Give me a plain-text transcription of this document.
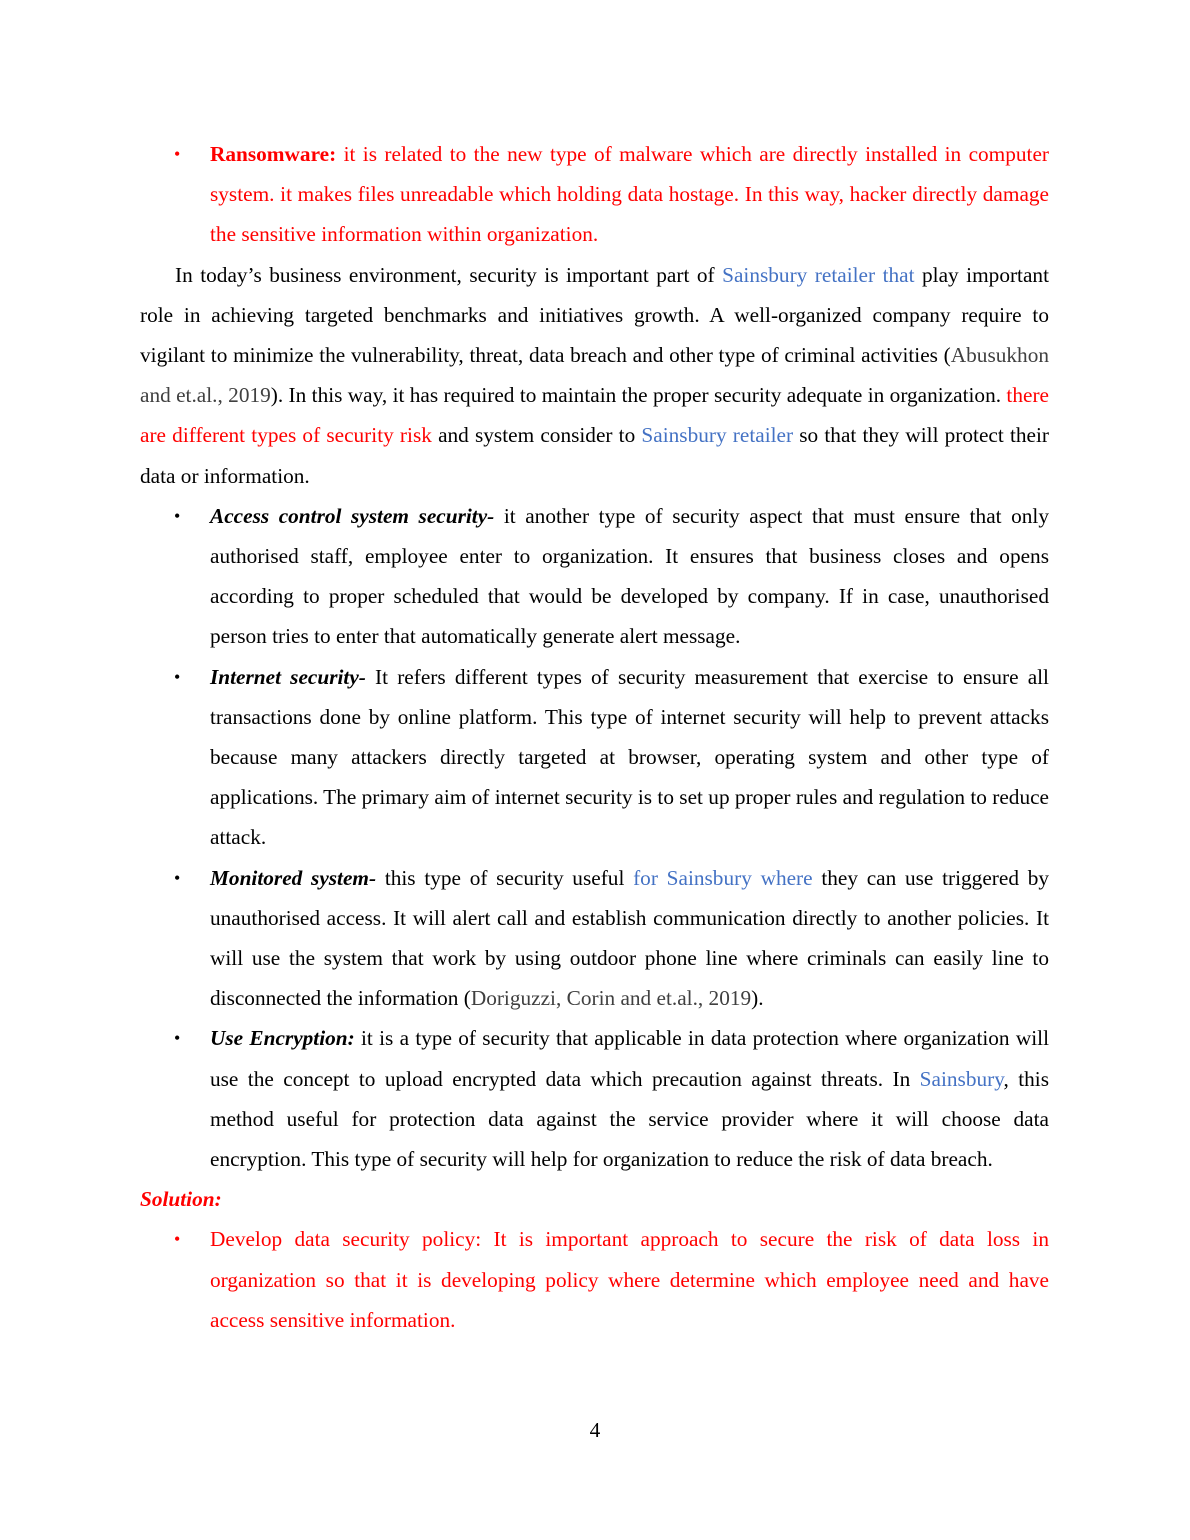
• Ransomware: it is related to the new type of malware which are directly installed in computer system. it makes files unreadable which holding data hostage. In this way, hacker directly damage the sensitive information within organization.
In today’s business environment, security is important part of Sainsbury retailer that play important role in achieving targeted benchmarks and initiatives growth. A well-organized company require to vigilant to minimize the vulnerability, threat, data breach and other type of criminal activities (Abusukhon and et.al., 2019). In this way, it has required to maintain the proper security adequate in organization. there are different types of security risk and system consider to Sainsbury retailer so that they will protect their data or information.
• Access control system security- it another type of security aspect that must ensure that only authorised staff, employee enter to organization. It ensures that business closes and opens according to proper scheduled that would be developed by company. If in case, unauthorised person tries to enter that automatically generate alert message.
• Internet security- It refers different types of security measurement that exercise to ensure all transactions done by online platform. This type of internet security will help to prevent attacks because many attackers directly targeted at browser, operating system and other type of applications. The primary aim of internet security is to set up proper rules and regulation to reduce attack.
• Monitored system- this type of security useful for Sainsbury where they can use triggered by unauthorised access. It will alert call and establish communication directly to another policies. It will use the system that work by using outdoor phone line where criminals can easily line to disconnected the information (Doriguzzi, Corin and et.al., 2019).
• Use Encryption: it is a type of security that applicable in data protection where organization will use the concept to upload encrypted data which precaution against threats. In Sainsbury, this method useful for protection data against the service provider where it will choose data encryption. This type of security will help for organization to reduce the risk of data breach.
Solution:
• Develop data security policy: It is important approach to secure the risk of data loss in organization so that it is developing policy where determine which employee need and have access sensitive information.
4
